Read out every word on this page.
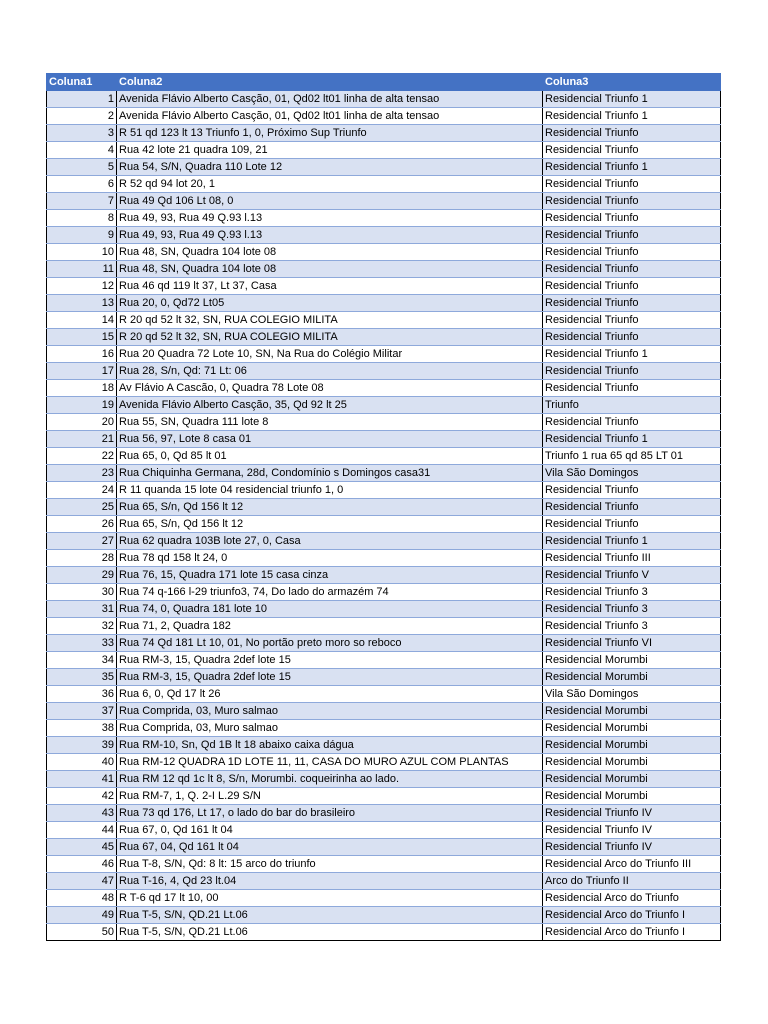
Coluna1	Coluna2	Coluna3
1	Avenida Flávio Alberto Casção, 01, Qd02 lt01 linha de alta tensao	Residencial Triunfo 1
2	Avenida Flávio Alberto Casção, 01, Qd02 lt01 linha de alta tensao	Residencial Triunfo 1
3	R 51 qd 123 lt 13 Triunfo 1, 0, Próximo Sup Triunfo	Residencial Triunfo
4	Rua 42 lote 21 quadra 109, 21	Residencial Triunfo
5	Rua 54, S/N, Quadra 110 Lote 12	Residencial Triunfo 1
6	R 52 qd 94 lot 20, 1	Residencial Triunfo
7	Rua 49 Qd 106 Lt 08, 0	Residencial Triunfo
8	Rua 49, 93, Rua 49 Q.93 l.13	Residencial Triunfo
9	Rua 49, 93, Rua 49 Q.93 l.13	Residencial Triunfo
10	Rua 48, SN, Quadra 104 lote 08	Residencial Triunfo
11	Rua 48, SN, Quadra 104 lote 08	Residencial Triunfo
12	Rua 46 qd 119 lt 37, Lt 37, Casa	Residencial Triunfo
13	Rua 20, 0, Qd72 Lt05	Residencial Triunfo
14	R 20 qd 52 lt 32, SN, RUA COLEGIO MILITA	Residencial Triunfo
15	R 20 qd 52 lt 32, SN, RUA COLEGIO MILITA	Residencial Triunfo
16	Rua 20 Quadra 72 Lote 10, SN, Na Rua do Colégio Militar	Residencial Triunfo 1
17	Rua 28, S/n, Qd: 71 Lt: 06	Residencial Triunfo
18	Av Flávio A Cascão, 0, Quadra 78 Lote 08	Residencial Triunfo
19	Avenida Flávio Alberto Casção, 35, Qd 92 lt 25	Triunfo
20	Rua 55, SN, Quadra 111 lote 8	Residencial Triunfo
21	Rua 56, 97, Lote 8 casa 01	Residencial Triunfo 1
22	Rua 65, 0, Qd 85 lt 01	Triunfo 1 rua 65 qd 85 LT 01
23	Rua Chiquinha Germana, 28d, Condomínio s Domingos casa31	Vila São Domingos
24	R 11 quanda 15 lote 04 residencial triunfo 1, 0	Residencial Triunfo
25	Rua 65, S/n, Qd 156 lt 12	Residencial Triunfo
26	Rua 65, S/n, Qd 156 lt 12	Residencial Triunfo
27	Rua 62 quadra 103B lote 27, 0, Casa	Residencial Triunfo 1
28	Rua 78 qd 158 lt 24, 0	Residencial Triunfo III
29	Rua 76, 15, Quadra 171 lote 15 casa cinza	Residencial Triunfo V
30	Rua 74 q-166 l-29 triunfo3, 74, Do lado do armazém 74	Residencial Triunfo 3
31	Rua 74, 0, Quadra 181 lote 10	Residencial Triunfo 3
32	Rua 71, 2, Quadra 182	Residencial Triunfo 3
33	Rua 74 Qd 181 Lt 10, 01, No portão preto moro so reboco	Residencial Triunfo VI
34	Rua RM-3, 15, Quadra 2def lote 15	Residencial Morumbi
35	Rua RM-3, 15, Quadra 2def lote 15	Residencial Morumbi
36	Rua 6, 0, Qd 17 lt 26	Vila São Domingos
37	Rua Comprida, 03, Muro salmao	Residencial Morumbi
38	Rua Comprida, 03, Muro salmao	Residencial Morumbi
39	Rua RM-10, Sn, Qd 1B lt 18 abaixo caixa dágua	Residencial Morumbi
40	Rua RM-12 QUADRA 1D LOTE 11, 11, CASA DO MURO AZUL COM PLANTAS	Residencial Morumbi
41	Rua RM 12 qd 1c lt 8, S/n, Morumbi. coqueirinha ao lado.	Residencial Morumbi
42	Rua RM-7, 1, Q. 2-I L.29 S/N	Residencial Morumbi
43	Rua 73 qd 176, Lt 17, o lado do bar do brasileiro	Residencial Triunfo IV
44	Rua 67, 0, Qd 161 lt 04	Residencial Triunfo IV
45	Rua 67, 04, Qd 161 lt 04	Residencial Triunfo IV
46	Rua T-8, S/N, Qd: 8 lt: 15 arco do triunfo	Residencial Arco do Triunfo III
47	Rua T-16, 4, Qd 23 lt.04	Arco do Triunfo II
48	R T-6 qd 17 lt 10, 00	Residencial Arco do Triunfo
49	Rua T-5, S/N, QD.21 Lt.06	Residencial Arco do Triunfo I
50	Rua T-5, S/N, QD.21 Lt.06	Residencial Arco do Triunfo I
